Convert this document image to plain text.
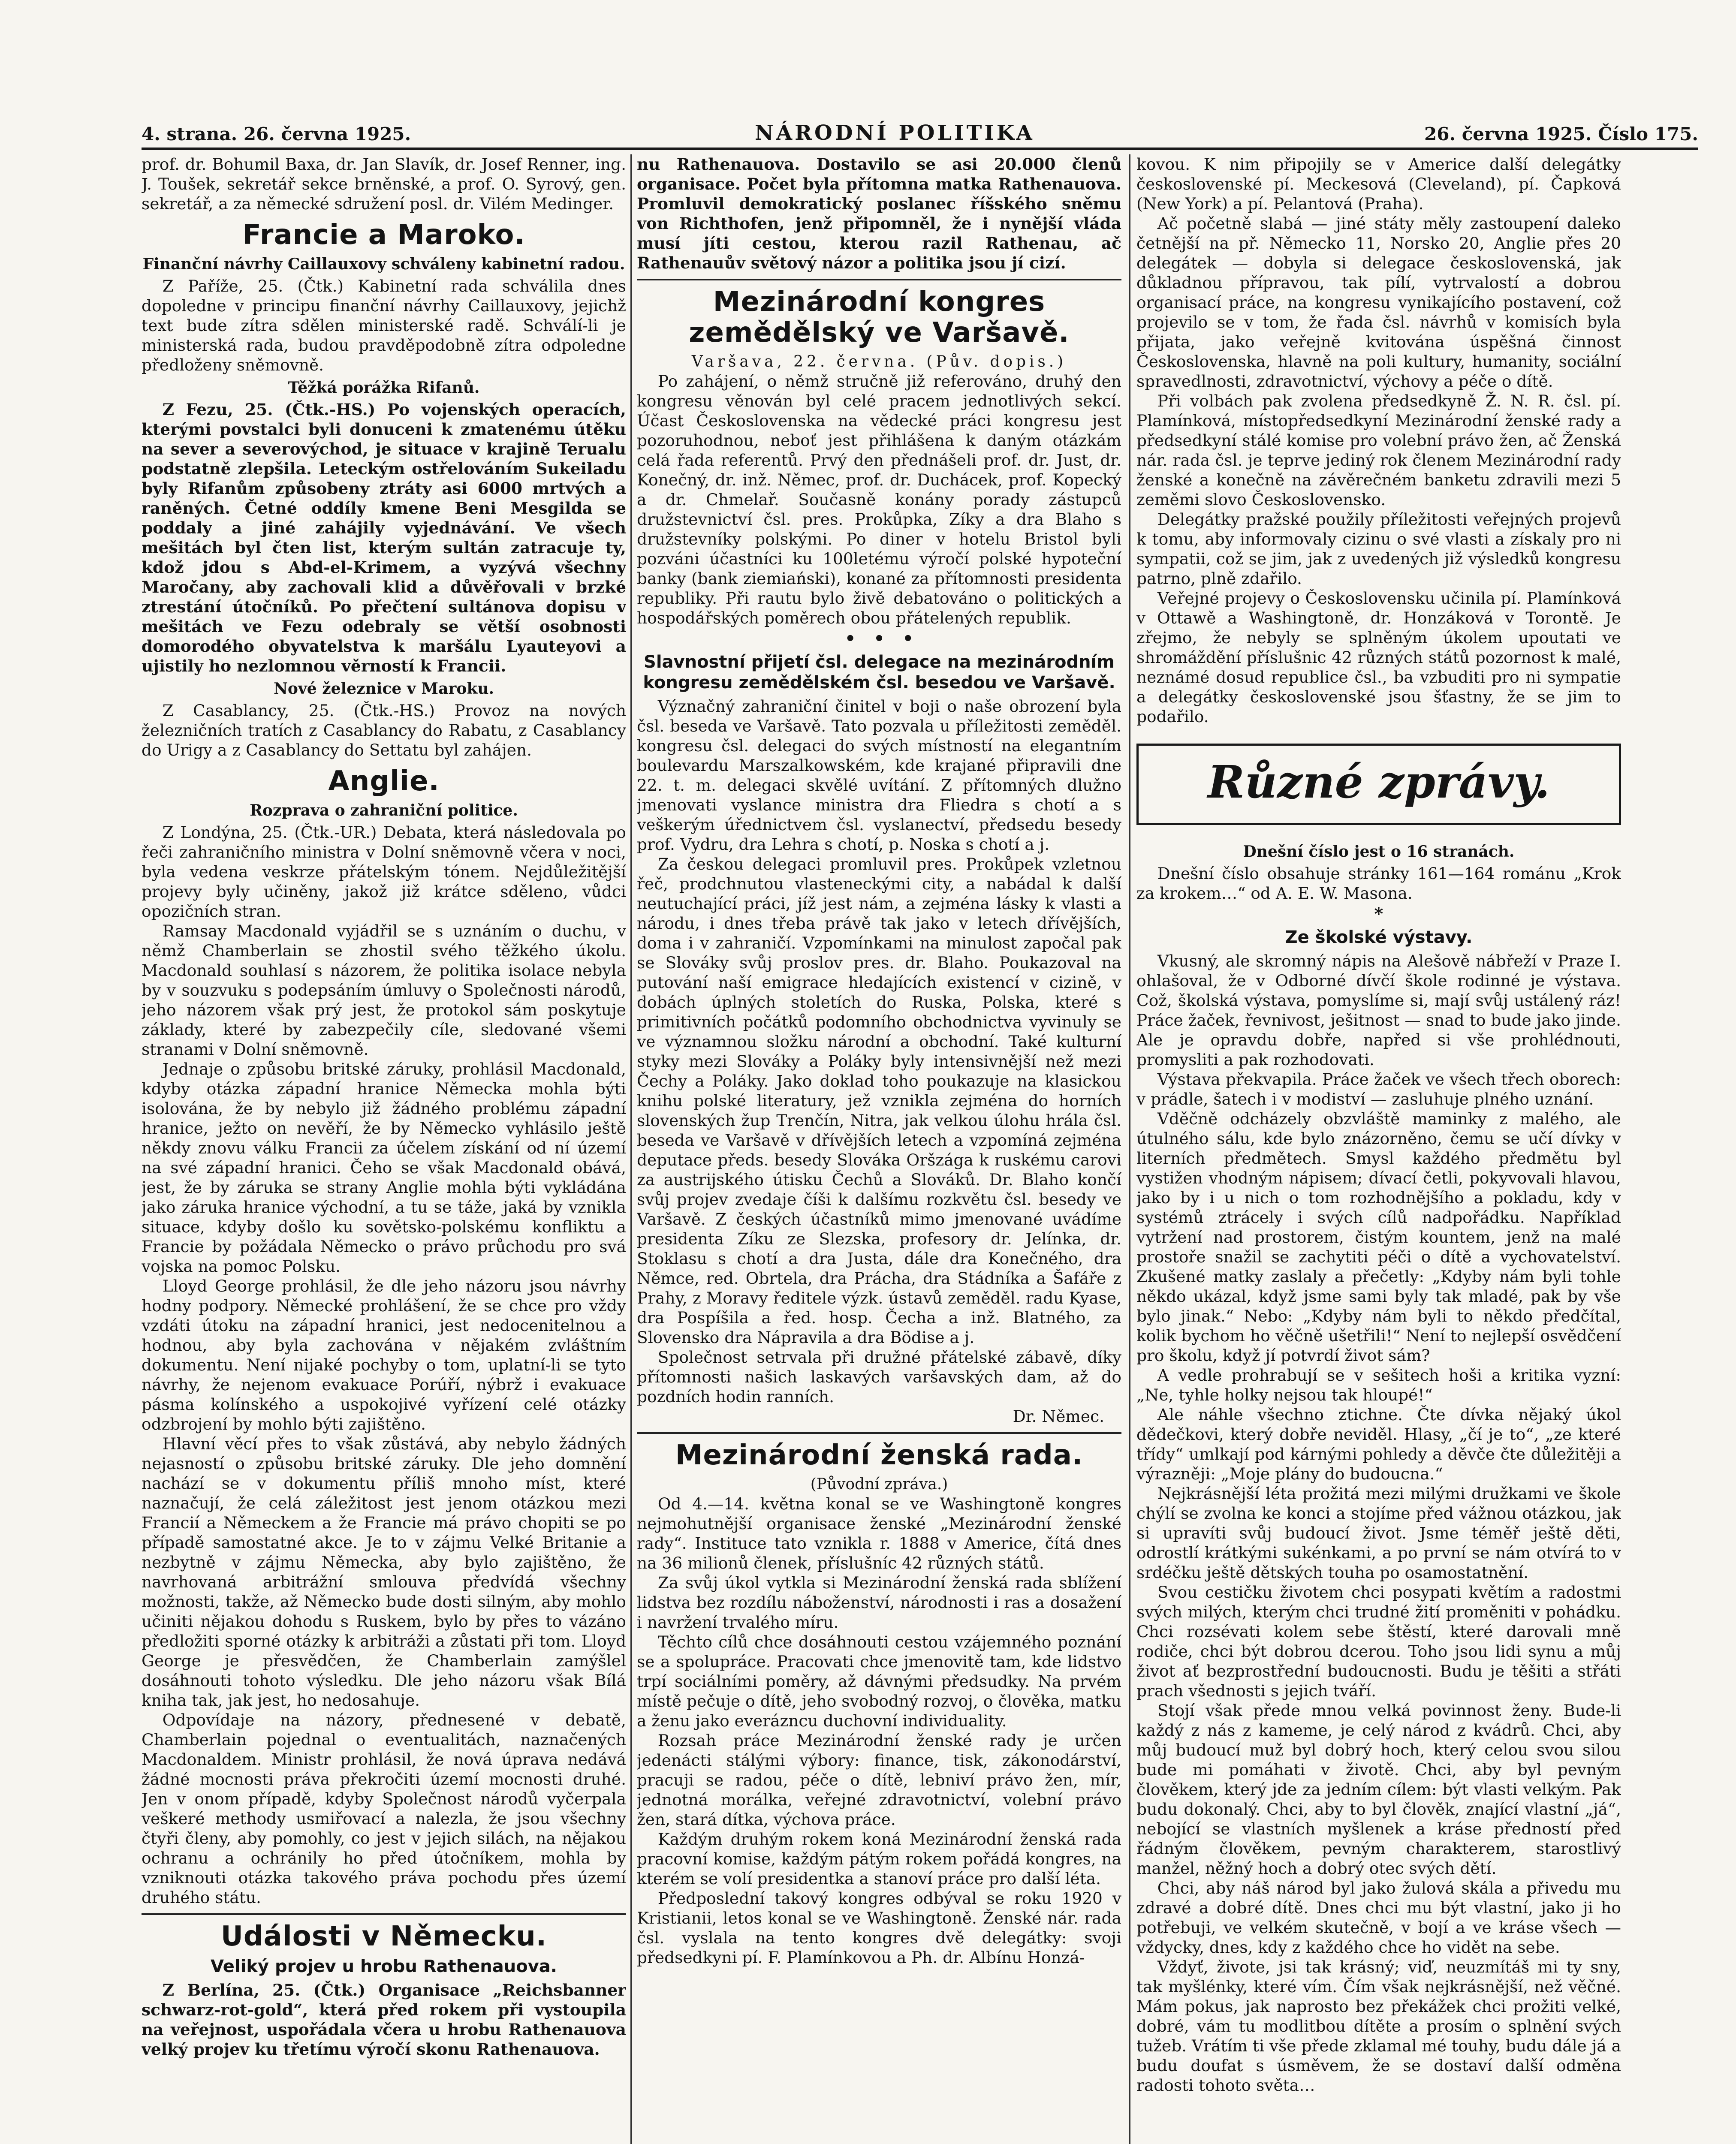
4. strana. 26. června 1925.	NÁRODNÍ POLITIKA	26. června 1925. Číslo 175.

prof. dr. Bohumil Baxa, dr. Jan Slavík, dr. Josef Renner, ing. J. Toušek, sekretář sekce brněnské, a prof. O. Syrový, gen. sekretář, a za německé sdružení posl. dr. Vilém Medinger.

Francie a Maroko.
Finanční návrhy Caillauxovy schváleny kabinetní radou.

Z Paříže, 25. (Čtk.) Kabinetní rada schválila dnes dopoledne v principu finanční návrhy Caillauxovy, jejichž text bude zítra sdělen ministerské radě. Schválí-li je ministerská rada, budou pravděpodobně zítra odpoledne předloženy sněmovně.

Těžká porážka Rifanů.

Z Fezu, 25. (Čtk.-HS.) Po vojenských operacích, kterými povstalci byli donuceni k zmatenému útěku na sever a severovýchod, je situace v krajině Terualu podstatně zlepšila. Leteckým ostřelováním Sukeiladu byly Rifanům způsobeny ztráty asi 6000 mrtvých a raněných. Četné oddíly kmene Beni Mesgilda se poddaly a jiné zahájily vyjednávání. Ve všech mešitách byl čten list, kterým sultán zatracuje ty, kdož jdou s Abd-el-Krimem, a vyzývá všechny Maročany, aby zachovali klid a důvěřovali v brzké ztrestání útočníků. Po přečtení sultánova dopisu v mešitách ve Fezu odebraly se větší osobnosti domorodého obyvatelstva k maršálu Lyauteyovi a ujistily ho nezlomnou věrností k Francii.

Nové železnice v Maroku.

Z Casablancy, 25. (Čtk.-HS.) Provoz na nových železničních tratích z Casablancy do Rabatu, z Casablancy do Urigy a z Casablancy do Settatu byl zahájen.

Anglie.
Rozprava o zahraniční politice.

Z Londýna, 25. (Čtk.-UR.) Debata, která následovala po řeči zahraničního ministra v Dolní sněmovně včera v noci, byla vedena veskrze přátelským tónem. Nejdůležitější projevy byly učiněny, jakož již krátce sděleno, vůdci opozičních stran.

Ramsay Macdonald vyjádřil se s uznáním o duchu, v němž Chamberlain se zhostil svého těžkého úkolu. Macdonald souhlasí s názorem, že politika isolace nebyla by v souzvuku s podepsáním úmluvy o Společnosti národů, jeho názorem však prý jest, že protokol sám poskytuje základy, které by zabezpečily cíle, sledované všemi stranami v Dolní sněmovně.

Jednaje o způsobu britské záruky, prohlásil Macdonald, kdyby otázka západní hranice Německa mohla býti isolována, že by nebylo již žádného problému západní hranice, ježto on nevěří, že by Německo vyhlásilo ještě někdy znovu válku Francii za účelem získání od ní území na své západní hranici. Čeho se však Macdonald obává, jest, že by záruka se strany Anglie mohla býti vykládána jako záruka hranice východní, a tu se táže, jaká by vznikla situace, kdyby došlo ku sovětsko-polskému konfliktu a Francie by požádala Německo o právo průchodu pro svá vojska na pomoc Polsku.

Lloyd George prohlásil, že dle jeho názoru jsou návrhy hodny podpory. Německé prohlášení, že se chce pro vždy vzdáti útoku na západní hranici, jest nedocenitelnou a hodnou, aby byla zachována v nějakém zvláštním dokumentu. Není nijaké pochyby o tom, uplatní-li se tyto návrhy, že nejenom evakuace Porúří, nýbrž i evakuace pásma kolínského a uspokojivé vyřízení celé otázky odzbrojení by mohlo býti zajištěno.

Hlavní věcí přes to však zůstává, aby nebylo žádných nejasností o způsobu britské záruky. Dle jeho domnění nachází se v dokumentu příliš mnoho míst, které naznačují, že celá záležitost jest jenom otázkou mezi Francií a Německem a že Francie má právo chopiti se po případě samostatné akce. Je to v zájmu Velké Britanie a nezbytně v zájmu Německa, aby bylo zajištěno, že navrhovaná arbitrážní smlouva předvídá všechny možnosti, takže, až Německo bude dosti silným, aby mohlo učiniti nějakou dohodu s Ruskem, bylo by přes to vázáno předložiti sporné otázky k arbitráži a zůstati při tom. Lloyd George je přesvědčen, že Chamberlain zamýšlel dosáhnouti tohoto výsledku. Dle jeho názoru však Bílá kniha tak, jak jest, ho nedosahuje.

Odpovídaje na názory, přednesené v debatě, Chamberlain pojednal o eventualitách, naznačených Macdonaldem. Ministr prohlásil, že nová úprava nedává žádné mocnosti práva překročiti území mocnosti druhé. Jen v onom případě, kdyby Společnost národů vyčerpala veškeré methody usmiřovací a nalezla, že jsou všechny čtyři členy, aby pomohly, co jest v jejich silách, na nějakou ochranu a ochránily ho před útočníkem, mohla by vzniknouti otázka takového práva pochodu přes území druhého státu.

Události v Německu.
Veliký projev u hrobu Rathenauova.

Z Berlína, 25. (Čtk.) Organisace „Reichsbanner schwarz-rot-gold“, která před rokem při vystoupila na veřejnost, uspořádala včera u hrobu Rathenauova velký projev ku třetímu výročí skonu Rathenauova.

nu Rathenauova. Dostavilo se asi 20.000 členů organisace. Počet byla přítomna matka Rathenauova. Promluvil demokratický poslanec říšského sněmu von Richthofen, jenž připomněl, že i nynější vláda musí jíti cestou, kterou razil Rathenau, ač Rathenauův světový názor a politika jsou jí cizí.

Mezinárodní kongres zemědělský ve Varšavě.
Varšava, 22. června. (Pův. dopis.)

Po zahájení, o němž stručně již referováno, druhý den kongresu věnován byl celé pracem jednotlivých sekcí. Účast Československa na vědecké práci kongresu jest pozoruhodnou, neboť jest přihlášena k daným otázkám celá řada referentů. Prvý den přednášeli prof. dr. Just, dr. Konečný, dr. inž. Němec, prof. dr. Duchácek, prof. Kopecký a dr. Chmelař. Současně konány porady zástupců družstevnictví čsl. pres. Prokůpka, Zíky a dra Blaho s družstevníky polskými. Po diner v hotelu Bristol byli pozváni účastníci ku 100letému výročí polské hypoteční banky (bank ziemiański), konané za přítomnosti presidenta republiky. Při rautu bylo živě debatováno o politických a hospodářských poměrech obou přátelených republik.

•   •   •
Slavnostní přijetí čsl. delegace na mezinárodním kongresu zemědělském čsl. besedou ve Varšavě.

Význačný zahraniční činitel v boji o naše obrození byla čsl. beseda ve Varšavě. Tato pozvala u příležitosti zeměděl. kongresu čsl. delegaci do svých místností na elegantním boulevardu Marszalkowském, kde krajané připravili dne 22. t. m. delegaci skvělé uvítání. Z přítomných dlužno jmenovati vyslance ministra dra Fliedra s chotí a s veškerým úřednictvem čsl. vyslanectví, předsedu besedy prof. Vydru, dra Lehra s chotí, p. Noska s chotí a j.

Za českou delegaci promluvil pres. Prokůpek vzletnou řeč, prodchnutou vlasteneckými city, a nabádal k další neutuchající práci, jíž jest nám, a zejména lásky k vlasti a národu, i dnes třeba právě tak jako v letech dřívějších, doma i v zahraničí. Vzpomínkami na minulost započal pak se Slováky svůj proslov pres. dr. Blaho. Poukazoval na putování naší emigrace hledajících existencí v cizině, v dobách úplných stoletích do Ruska, Polska, které s primitivních počátků podomního obchodnictva vyvinuly se ve významnou složku národní a obchodní. Také kulturní styky mezi Slováky a Poláky byly intensivnější než mezi Čechy a Poláky. Jako doklad toho poukazuje na klasickou knihu polské literatury, jež vznikla zejména do horních slovenských žup Trenčín, Nitra, jak velkou úlohu hrála čsl. beseda ve Varšavě v dřívějších letech a vzpomíná zejména deputace předs. besedy Slováka Oršzága k ruskému carovi za austrijského útisku Čechů a Slováků. Dr. Blaho končí svůj projev zvedaje číši k dalšímu rozkvětu čsl. besedy ve Varšavě. Z českých účastníků mimo jmenované uvádíme presidenta Zíku ze Slezska, profesory dr. Jelínka, dr. Stoklasu s chotí a dra Justa, dále dra Konečného, dra Němce, red. Obrtela, dra Prácha, dra Stádníka a Šafáře z Prahy, z Moravy ředitele výzk. ústavů zeměděl. radu Kyase, dra Pospíšila a řed. hosp. Čecha a inž. Blatného, za Slovensko dra Nápravila a dra Bödise a j.

Společnost setrvala při družné přátelské zábavě, díky přítomnosti našich laskavých varšavských dam, až do pozdních hodin ranních.

Dr. Němec.
Mezinárodní ženská rada.
(Původní zpráva.)

Od 4.—14. května konal se ve Washingtoně kongres nejmohutnější organisace ženské „Mezinárodní ženské rady“. Instituce tato vznikla r. 1888 v Americe, čítá dnes na 36 milionů členek, příslušníc 42 různých států.

Za svůj úkol vytkla si Mezinárodní ženská rada sblížení lidstva bez rozdílu náboženství, národnosti i ras a dosažení i navržení trvalého míru.

Těchto cílů chce dosáhnouti cestou vzájemného poznání se a spolupráce. Pracovati chce jmenovitě tam, kde lidstvo trpí sociálními poměry, až dávnými předsudky. Na prvém místě pečuje o dítě, jeho svobodný rozvoj, o člověka, matku a ženu jako everázncu duchovní individuality.

Rozsah práce Mezinárodní ženské rady je určen jedenácti stálými výbory: finance, tisk, zákonodárství, pracuji se radou, péče o dítě, lebniví právo žen, mír, jednotná morálka, veřejné zdravotnictví, volební právo žen, stará dítka, výchova práce.

Každým druhým rokem koná Mezinárodní ženská rada pracovní komise, každým pátým rokem pořádá kongres, na kterém se volí presidentka a stanoví práce pro další léta.

Předposlední takový kongres odbýval se roku 1920 v Kristianii, letos konal se ve Washingtoně. Ženské nár. rada čsl. vyslala na tento kongres dvě delegátky: svoji předsedkyni pí. F. Plamínkovou a Ph. dr. Albínu Honzá-

kovou. K nim připojily se v Americe další delegátky československé pí. Meckesová (Cleveland), pí. Čapková (New York) a pí. Pelantová (Praha).

Ač početně slabá — jiné státy měly zastoupení daleko četnější na př. Německo 11, Norsko 20, Anglie přes 20 delegátek — dobyla si delegace československá, jak důkladnou přípravou, tak pílí, vytrvalostí a dobrou organisací práce, na kongresu vynikajícího postavení, což projevilo se v tom, že řada čsl. návrhů v komisích byla přijata, jako veřejně kvitována úspěšná činnost Československa, hlavně na poli kultury, humanity, sociální spravedlnosti, zdravotnictví, výchovy a péče o dítě.

Při volbách pak zvolena předsedkyně Ž. N. R. čsl. pí. Plamínková, místopředsedkyní Mezinárodní ženské rady a předsedkyní stálé komise pro volební právo žen, ač Ženská nár. rada čsl. je teprve jediný rok členem Mezinárodní rady ženské a konečně na závěrečném banketu zdravili mezi 5 zeměmi slovo Československo.

Delegátky pražské použily příležitosti veřejných projevů k tomu, aby informovaly cizinu o své vlasti a získaly pro ni sympatii, což se jim, jak z uvedených již výsledků kongresu patrno, plně zdařilo.

Veřejné projevy o Československu učinila pí. Plamínková v Ottawě a Washingtoně, dr. Honzáková v Torontě. Je zřejmo, že nebyly se splněným úkolem upoutati ve shromáždění příslušnic 42 různých států pozornost k malé, neznámé dosud republice čsl., ba vzbuditi pro ni sympatie a delegátky československé jsou šťastny, že se jim to podařilo.

Různé zprávy.
Dnešní číslo jest o 16 stranách.

Dnešní číslo obsahuje stránky 161—164 románu „Krok za krokem…“ od A. E. W. Masona.

*
Ze školské výstavy.

Vkusný, ale skromný nápis na Alešově nábřeží v Praze I. ohlašoval, že v Odborné dívčí škole rodinné je výstava. Což, školská výstava, pomyslíme si, mají svůj ustálený ráz! Práce žaček, řevnivost, ješitnost — snad to bude jako jinde. Ale je opravdu dobře, napřed si vše prohlédnouti, promysliti a pak rozhodovati.

Výstava překvapila. Práce žaček ve všech třech oborech: v prádle, šatech i v modiství — zasluhuje plného uznání.

Vděčně odcházely obzvláště maminky z malého, ale útulného sálu, kde bylo znázorněno, čemu se učí dívky v literních předmětech. Smysl každého předmětu byl vystižen vhodným nápisem; dívací četli, pokyvovali hlavou, jako by i u nich o tom rozhodnějšího a pokladu, kdy v systémů ztrácely i svých cílů nadpořádku. Například vytržení nad prostorem, čistým kountem, jenž na malé prostoře snažil se zachytiti péči o dítě a vychovatelství. Zkušené matky zaslaly a přečetly: „Kdyby nám byli tohle někdo ukázal, když jsme sami byly tak mladé, pak by vše bylo jinak.“ Nebo: „Kdyby nám byli to někdo předčítal, kolik bychom ho věčně ušetřili!“ Není to nejlepší osvědčení pro školu, když jí potvrdí život sám?

A vedle prohrabují se v sešitech hoši a kritika vyzní: „Ne, tyhle holky nejsou tak hloupé!“

Ale náhle všechno ztichne. Čte dívka nějaký úkol dědečkovi, který dobře neviděl. Hlasy, „čí je to“, „ze které třídy“ umlkají pod kárnými pohledy a děvče čte důležitěji a výrazněji: „Moje plány do budoucna.“

Nejkrásnější léta prožitá mezi milými družkami ve škole chýlí se zvolna ke konci a stojíme před vážnou otázkou, jak si upravíti svůj budoucí život. Jsme téměř ještě děti, odrostlí krátkými sukénkami, a po první se nám otvírá to v srdéčku ještě dětských touha po osamostatnění.

Svou cestičku životem chci posypati květím a radostmi svých milých, kterým chci trudné žití proměniti v pohádku. Chci rozsévati kolem sebe štěstí, které darovali mně rodiče, chci být dobrou dcerou. Toho jsou lidi synu a můj život ať bezprostřední budoucnosti. Budu je těšiti a střáti prach všednosti s jejich tváří.

Stojí však přede mnou velká povinnost ženy. Bude-li každý z nás z kameme, je celý národ z kvádrů. Chci, aby můj budoucí muž byl dobrý hoch, který celou svou silou bude mi pomáhati v životě. Chci, aby byl pevným člověkem, který jde za jedním cílem: být vlasti velkým. Pak budu dokonalý. Chci, aby to byl člověk, znající vlastní „já“, nebojící se vlastních myšlenek a kráse předností před řádným člověkem, pevným charakterem, starostlivý manžel, něžný hoch a dobrý otec svých dětí.

Chci, aby náš národ byl jako žulová skála a přivedu mu zdravé a dobré dítě. Dnes chci mu být vlastní, jako ji ho potřebuji, ve velkém skutečně, v bojí a ve kráse všech — vždycky, dnes, kdy z každého chce ho vidět na sebe.

Vždyť, živote, jsi tak krásný; viď, neuzmítáš mi ty sny, tak myšlénky, které vím. Čím však nejkrásnější, než věčné. Mám pokus, jak naprosto bez překážek chci prožiti velké, dobré, vám tu modlitbou dítěte a prosím o splnění svých tužeb. Vrátím ti vše přede zklamal mé touhy, budu dále já a budu doufat s úsměvem, že se dostaví další odměna radosti tohoto světa…
